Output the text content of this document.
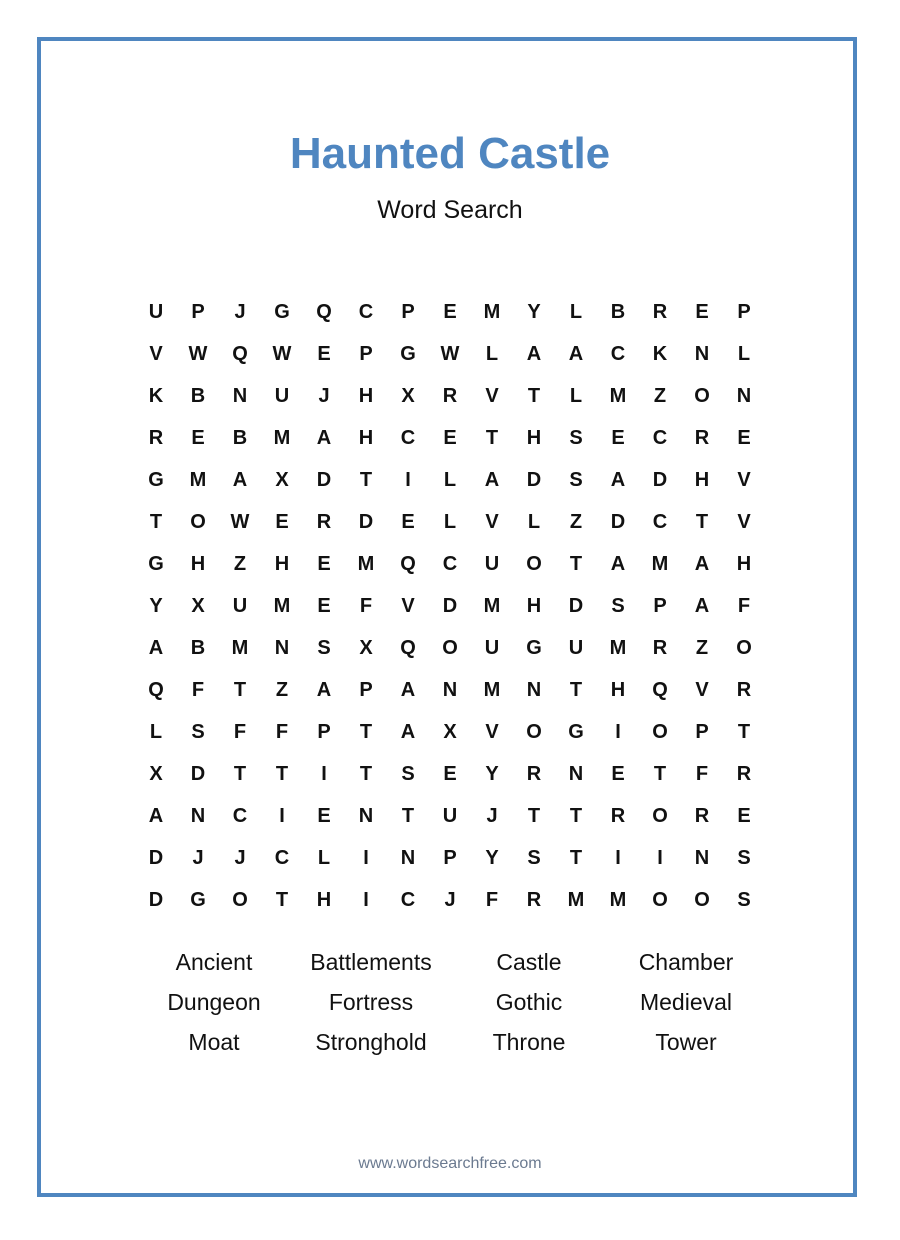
Haunted Castle
Word Search
U	P	J	G	Q	C	P	E	M	Y	L	B	R	E	P
V	W	Q	W	E	P	G	W	L	A	A	C	K	N	L
K	B	N	U	J	H	X	R	V	T	L	M	Z	O	N
R	E	B	M	A	H	C	E	T	H	S	E	C	R	E
G	M	A	X	D	T	I	L	A	D	S	A	D	H	V
T	O	W	E	R	D	E	L	V	L	Z	D	C	T	V
G	H	Z	H	E	M	Q	C	U	O	T	A	M	A	H
Y	X	U	M	E	F	V	D	M	H	D	S	P	A	F
A	B	M	N	S	X	Q	O	U	G	U	M	R	Z	O
Q	F	T	Z	A	P	A	N	M	N	T	H	Q	V	R
L	S	F	F	P	T	A	X	V	O	G	I	O	P	T
X	D	T	T	I	T	S	E	Y	R	N	E	T	F	R
A	N	C	I	E	N	T	U	J	T	T	R	O	R	E
D	J	J	C	L	I	N	P	Y	S	T	I	I	N	S
D	G	O	T	H	I	C	J	F	R	M	M	O	O	S
Ancient	Battlements	Castle	Chamber
Dungeon	Fortress	Gothic	Medieval
Moat	Stronghold	Throne	Tower
www.wordsearchfree.com
